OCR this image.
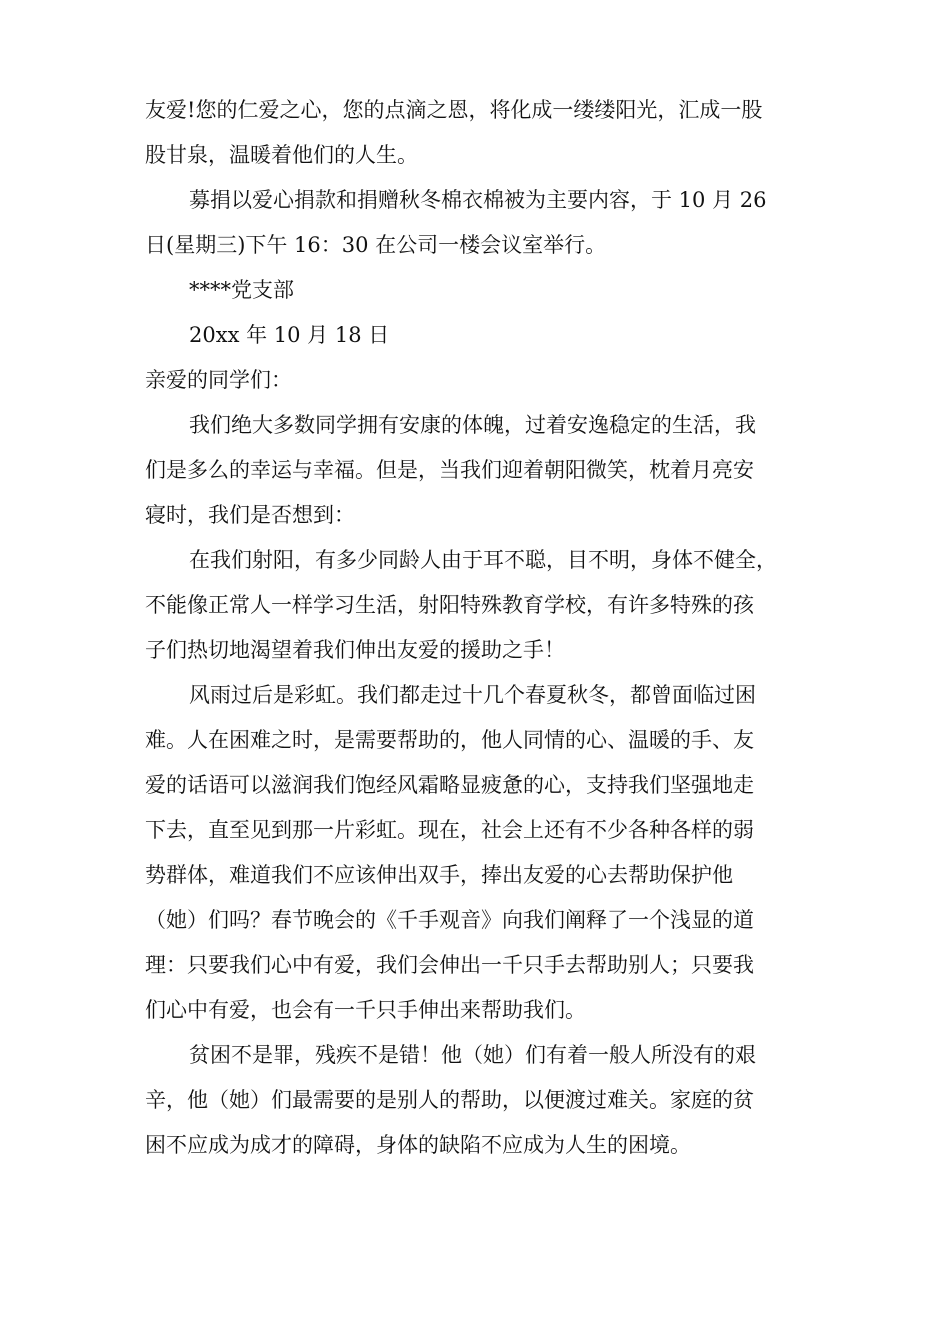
友爱!您的仁爱之心，您的点滴之恩，将化成一缕缕阳光，汇成一股
股甘泉，温暖着他们的人生。
募捐以爱心捐款和捐赠秋冬棉衣棉被为主要内容，于 10 月 26
日(星期三)下午 16：30 在公司一楼会议室举行。
****党支部
20xx 年 10 月 18 日
亲爱的同学们：
我们绝大多数同学拥有安康的体魄，过着安逸稳定的生活，我
们是多么的幸运与幸福。但是，当我们迎着朝阳微笑，枕着月亮安
寝时，我们是否想到：
在我们射阳，有多少同龄人由于耳不聪，目不明，身体不健全，
不能像正常人一样学习生活，射阳特殊教育学校，有许多特殊的孩
子们热切地渴望着我们伸出友爱的援助之手！
风雨过后是彩虹。我们都走过十几个春夏秋冬，都曾面临过困
难。人在困难之时，是需要帮助的，他人同情的心、温暖的手、友
爱的话语可以滋润我们饱经风霜略显疲惫的心，支持我们坚强地走
下去，直至见到那一片彩虹。现在，社会上还有不少各种各样的弱
势群体，难道我们不应该伸出双手，捧出友爱的心去帮助保护他
（她）们吗？春节晚会的《千手观音》向我们阐释了一个浅显的道
理：只要我们心中有爱，我们会伸出一千只手去帮助别人；只要我
们心中有爱，也会有一千只手伸出来帮助我们。
贫困不是罪，残疾不是错！他（她）们有着一般人所没有的艰
辛，他（她）们最需要的是别人的帮助，以便渡过难关。家庭的贫
困不应成为成才的障碍，身体的缺陷不应成为人生的困境。
